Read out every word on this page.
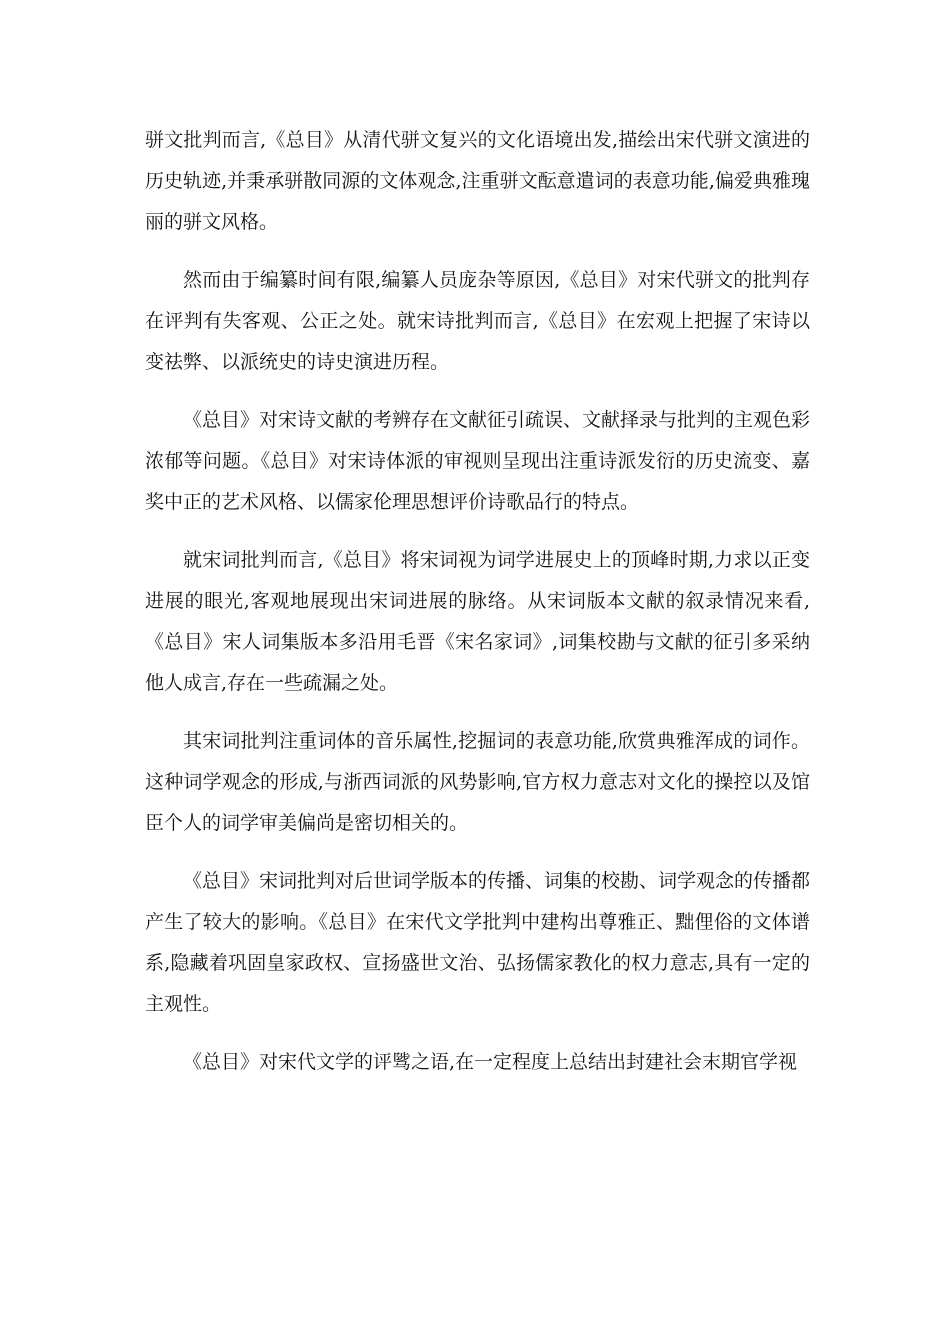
骈文批判而言,《总目》从清代骈文复兴的文化语境出发,描绘出宋代骈文演进的历史轨迹,并秉承骈散同源的文体观念,注重骈文酝意遣词的表意功能,偏爱典雅瑰丽的骈文风格。

然而由于编纂时间有限,编纂人员庞杂等原因,《总目》对宋代骈文的批判存在评判有失客观、公正之处。就宋诗批判而言,《总目》在宏观上把握了宋诗以变祛弊、以派统史的诗史演进历程。

《总目》对宋诗文献的考辨存在文献征引疏误、文献择录与批判的主观色彩浓郁等问题。《总目》对宋诗体派的审视则呈现出注重诗派发衍的历史流变、嘉奖中正的艺术风格、以儒家伦理思想评价诗歌品行的特点。

就宋词批判而言,《总目》将宋词视为词学进展史上的顶峰时期,力求以正变进展的眼光,客观地展现出宋词进展的脉络。从宋词版本文献的叙录情况来看,《总目》宋人词集版本多沿用毛晋《宋名家词》,词集校勘与文献的征引多采纳他人成言,存在一些疏漏之处。

其宋词批判注重词体的音乐属性,挖掘词的表意功能,欣赏典雅浑成的词作。这种词学观念的形成,与浙西词派的风势影响,官方权力意志对文化的操控以及馆臣个人的词学审美偏尚是密切相关的。

《总目》宋词批判对后世词学版本的传播、词集的校勘、词学观念的传播都产生了较大的影响。《总目》在宋代文学批判中建构出尊雅正、黜俚俗的文体谱系,隐藏着巩固皇家政权、宣扬盛世文治、弘扬儒家教化的权力意志,具有一定的主观性。

《总目》对宋代文学的评骘之语,在一定程度上总结出封建社会末期官学视
